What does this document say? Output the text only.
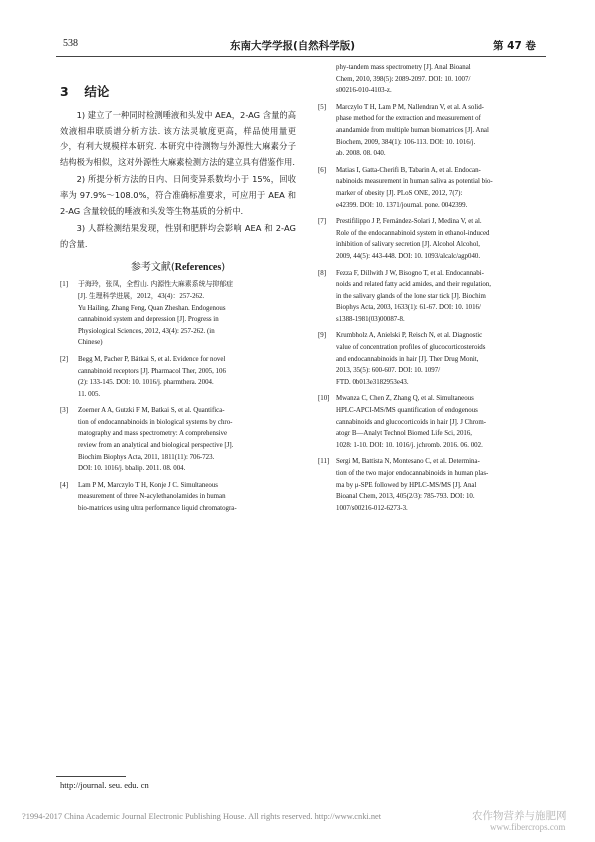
538	东南大学学报(自然科学版)	第 47 卷
3 结论

1) 建立了一种同时检测唾液和头发中 AEA，2-AG 含量的高效液相串联质谱分析方法. 该方法灵敏度更高，样品使用量更少，有利大规模样本研究. 本研究中待测物与外源性大麻素分子结构极为相似，这对外源性大麻素检测方法的建立具有借鉴作用.

2) 所提分析方法的日内、日间变异系数均小于 15%，回收率为 97.9%～108.0%，符合准确标准要求，可应用于 AEA 和 2-AG 含量较低的唾液和头发等生物基质的分析中.

3) 人群检测结果发现，性别和肥胖均会影响 AEA 和 2-AG 的含量.

参考文献(References)
[1] 于海玲，张凤，全哲山. 内源性大麻素系统与抑郁症
[J]. 生理科学进展，2012，43(4)：257-262.
Yu Hailing, Zhang Feng, Quan Zheshan. Endogenous
cannabinoid system and depression [J]. Progress in
Physiological Sciences, 2012, 43(4): 257-262. (in
Chinese)
[2] Begg M, Pacher P, Bátkai S, et al. Evidence for novel
cannabinoid receptors [J]. Pharmacol Ther, 2005, 106
(2): 133-145. DOI: 10. 1016/j. pharmthera. 2004.
11. 005.
[3] Zoerner A A, Gutzki F M, Batkai S, et al. Quantifica-
tion of endocannabinoids in biological systems by chro-
matography and mass spectrometry: A comprehensive
review from an analytical and biological perspective [J].
Biochim Biophys Acta, 2011, 1811(11): 706-723.
DOI: 10. 1016/j. bbalip. 2011. 08. 004.
[4] Lam P M, Marczylo T H, Konje J C. Simultaneous
measurement of three N-acylethanolamides in human
bio-matrices using ultra performance liquid chromatogra-
phy-tandem mass spectrometry [J]. Anal Bioanal
Chem, 2010, 398(5): 2089-2097. DOI: 10. 1007/
s00216-010-4103-z.
[5] Marczylo T H, Lam P M, Nallendran V, et al. A solid-
phase method for the extraction and measurement of
anandamide from multiple human biomatrices [J]. Anal
Biochem, 2009, 384(1): 106-113. DOI: 10. 1016/j.
ab. 2008. 08. 040.
[6] Matias I, Gatta-Cherifi B, Tabarin A, et al. Endocan-
nabinoids measurement in human saliva as potential bio-
marker of obesity [J]. PLoS ONE, 2012, 7(7):
e42399. DOI: 10. 1371/journal. pone. 0042399.
[7] Prestifilippo J P, Fernández-Solari J, Medina V, et al.
Role of the endocannabinoid system in ethanol-induced
inhibition of salivary secretion [J]. Alcohol Alcohol,
2009, 44(5): 443-448. DOI: 10. 1093/alcalc/agp040.
[8] Fezza F, Dillwith J W, Bisogno T, et al. Endocannabi-
noids and related fatty acid amides, and their regulation,
in the salivary glands of the lone star tick [J]. Biochim
Biophys Acta, 2003, 1633(1): 61-67. DOI: 10. 1016/
s1388-1981(03)00087-8.
[9] Krumbholz A, Anielski P, Reisch N, et al. Diagnostic
value of concentration profiles of glucocorticosteroids
and endocannabinoids in hair [J]. Ther Drug Monit,
2013, 35(5): 600-607. DOI: 10. 1097/
FTD. 0b013e3182953e43.
[10] Mwanza C, Chen Z, Zhang Q, et al. Simultaneous
HPLC-APCI-MS/MS quantification of endogenous
cannabinoids and glucocorticoids in hair [J]. J Chrom-
atogr B—Analyt Technol Biomed Life Sci, 2016,
1028: 1-10. DOI: 10. 1016/j. jchromb. 2016. 06. 002.
[11] Sergi M, Battista N, Montesano C, et al. Determina-
tion of the two major endocannabinoids in human plas-
ma by μ-SPE followed by HPLC-MS/MS [J]. Anal
Bioanal Chem, 2013, 405(2/3): 785-793. DOI: 10.
1007/s00216-012-6273-3.
http://journal. seu. edu. cn
?1994-2017 China Academic Journal Electronic Publishing House. All rights reserved. http://www.cnki.net	农作物营养与施肥网
www.fibercrops.com
